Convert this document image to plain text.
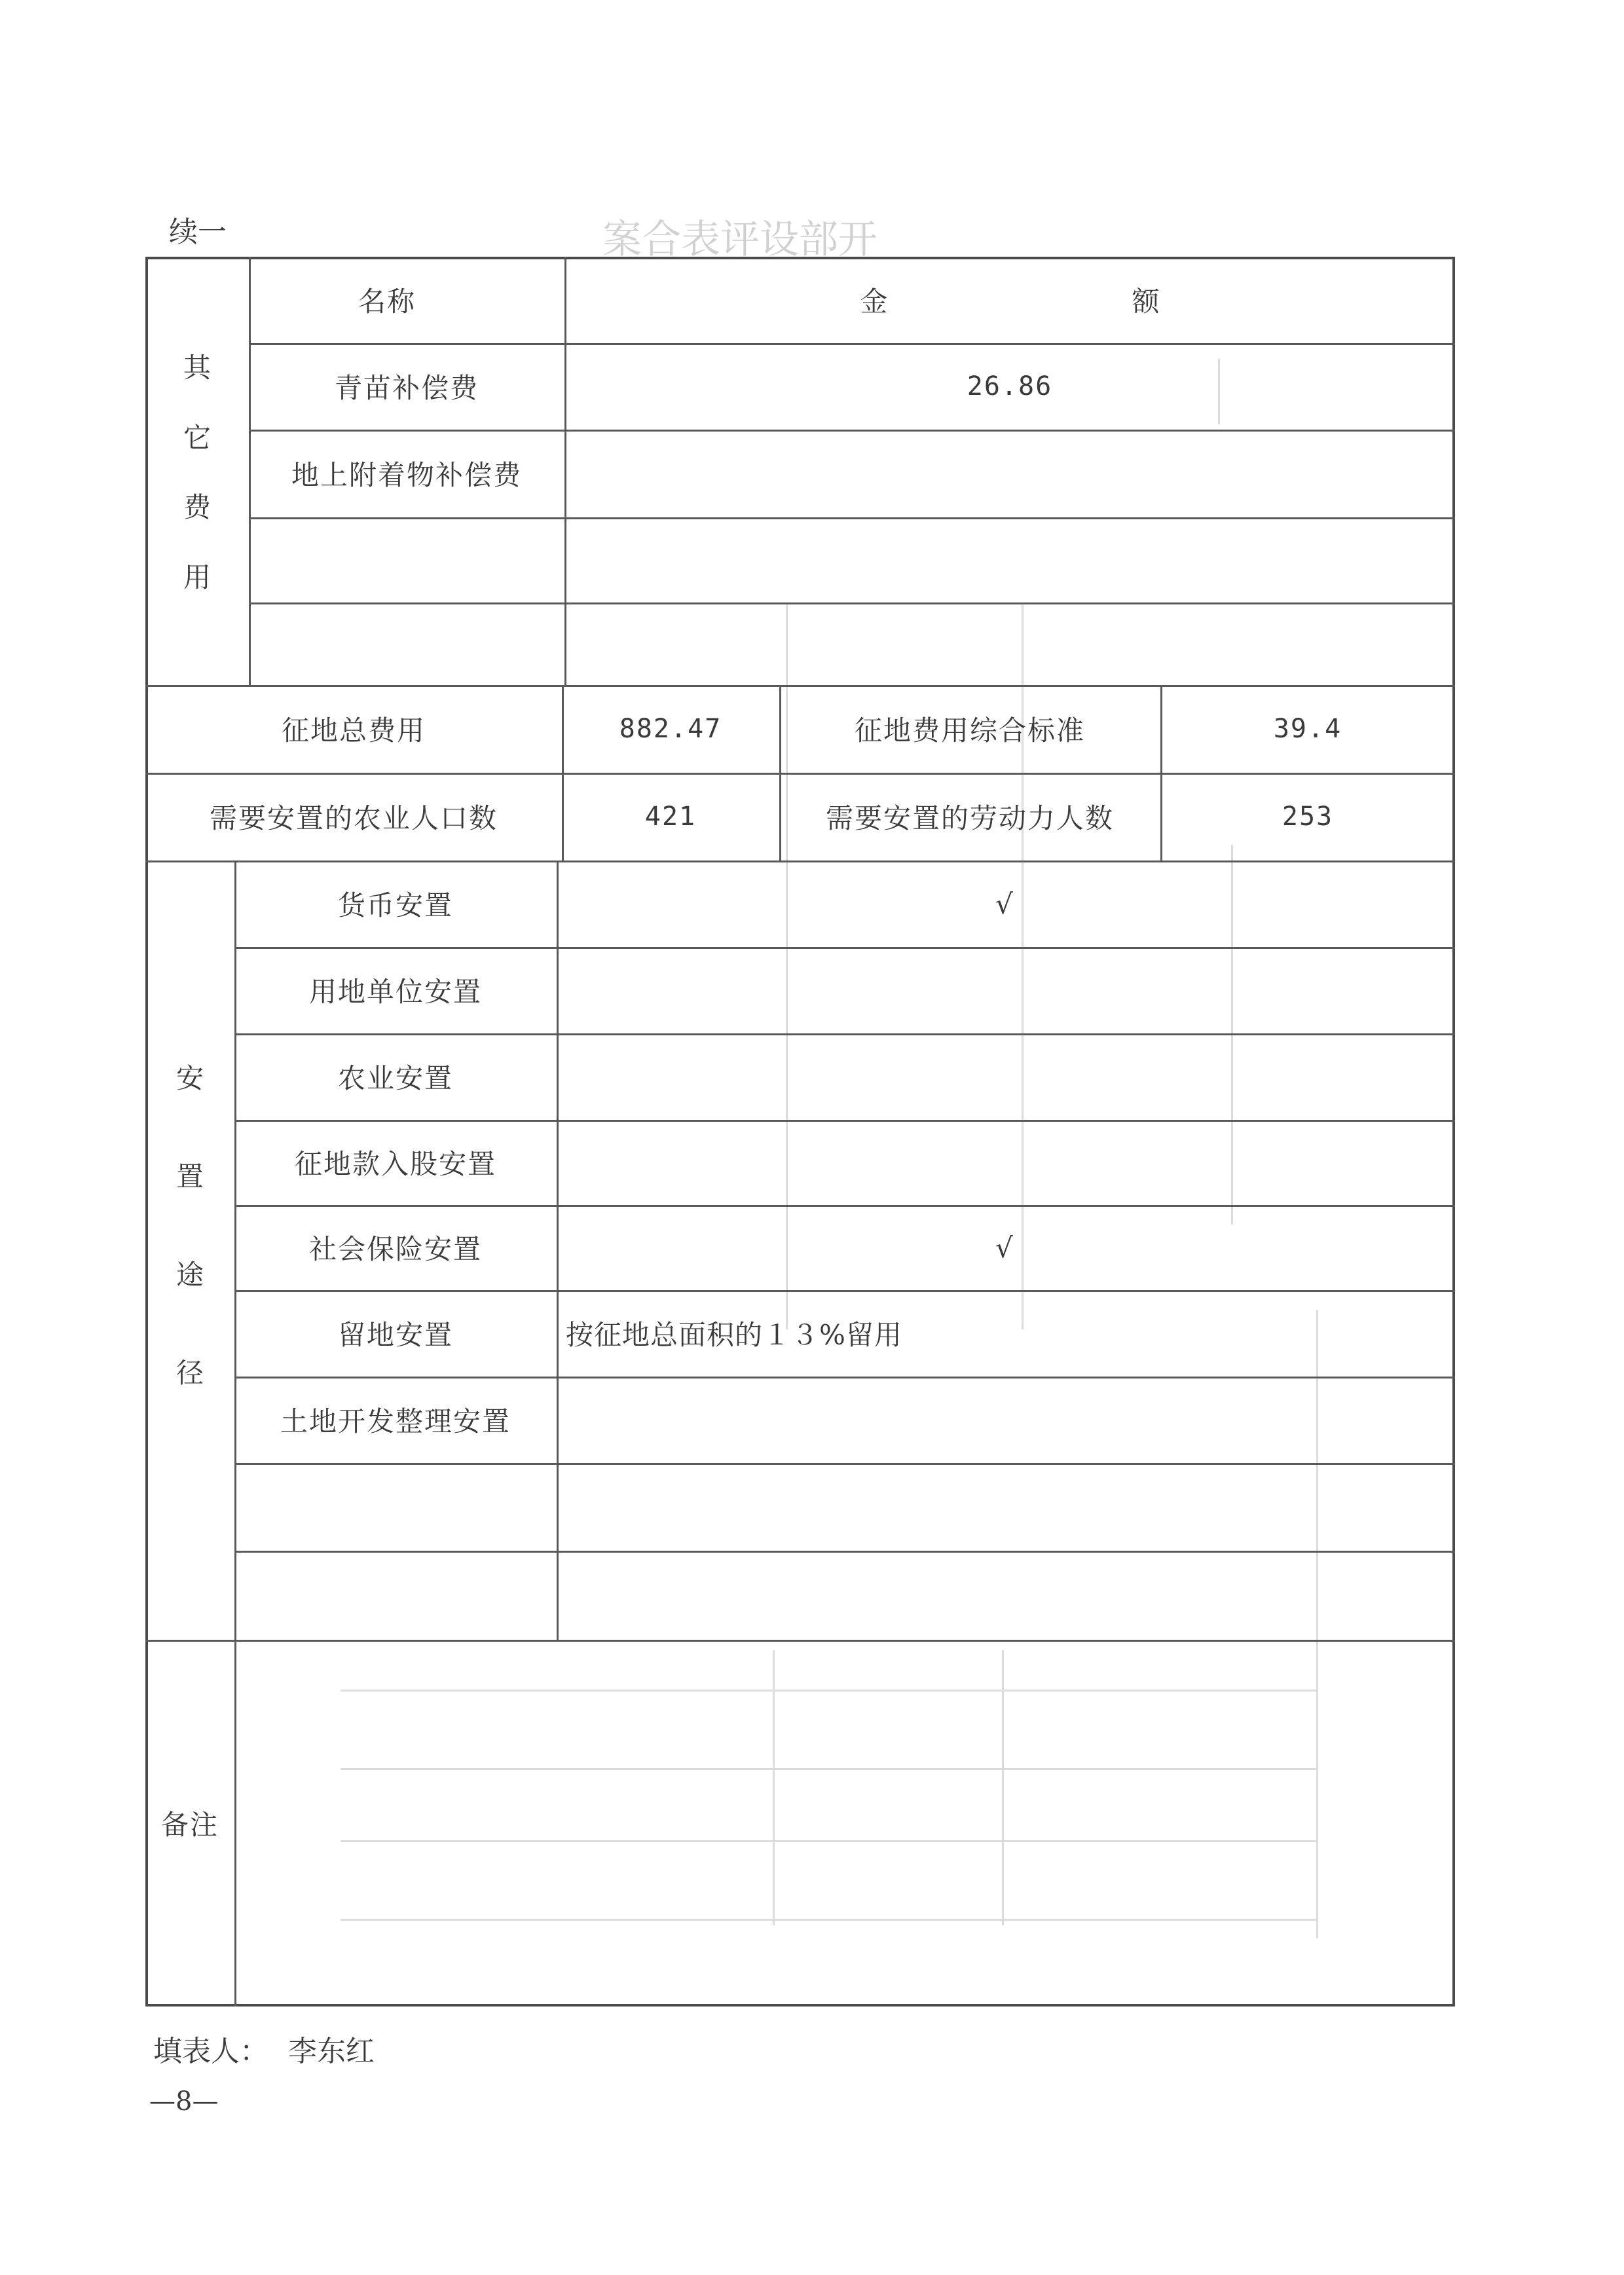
续一	案合表评设部开
其
它
费
用
名称	金 额
青苗补偿费	26.86
地上附着物补偿费
征地总费用	882.47	征地费用综合标准	39.4
需要安置的农业人口数	421	需要安置的劳动力人数	253
安
置
途
径
货币安置	√
用地单位安置
农业安置
征地款入股安置
社会保险安置	√
留地安置	按征地总面积的１３%留用
土地开发整理安置
备注
填表人： 李东红
—8—
